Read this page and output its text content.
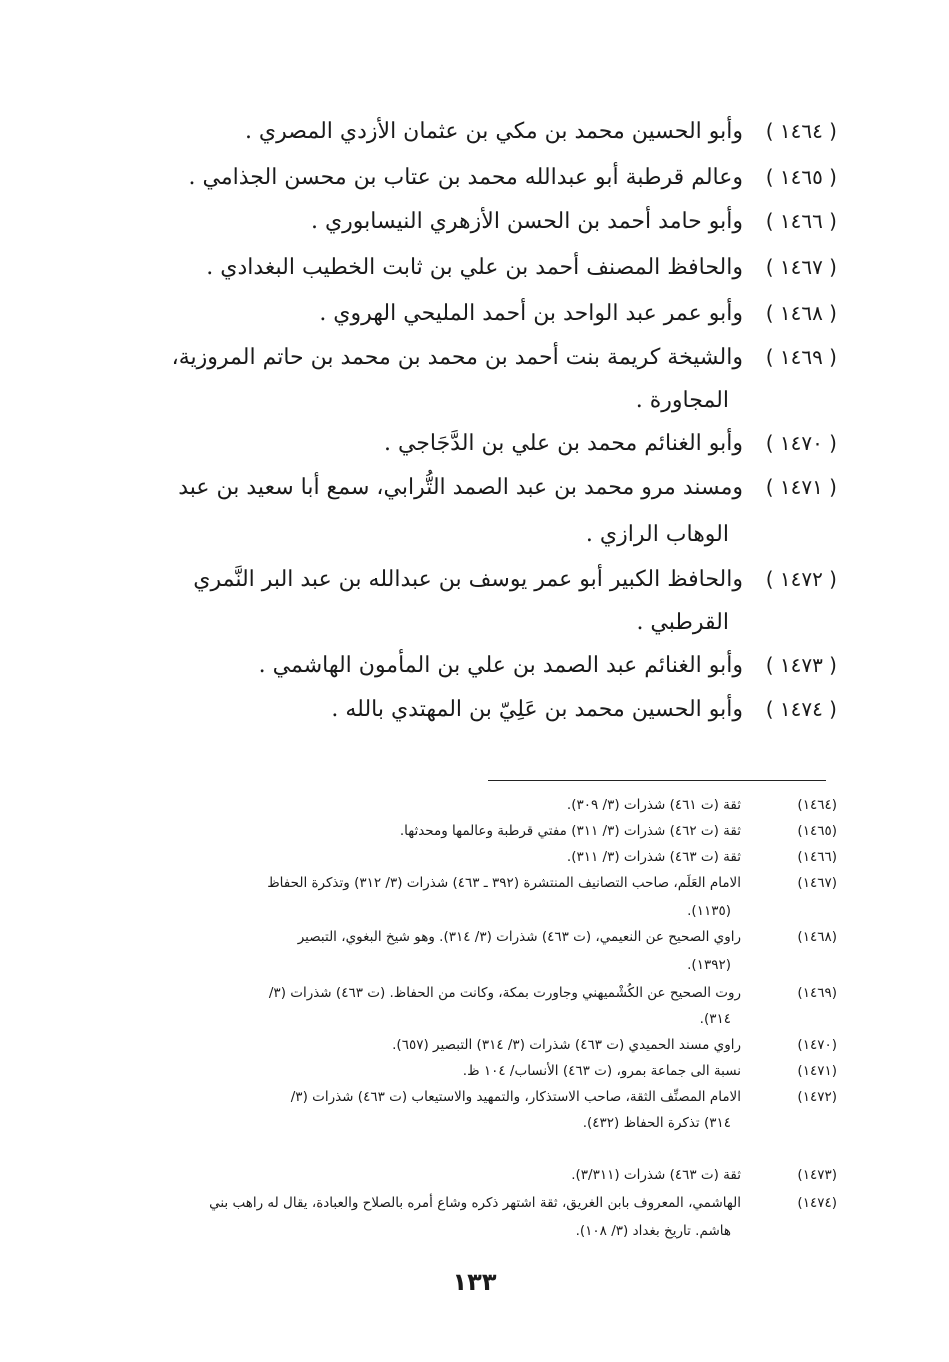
( ١٤٦٤ )وأبو الحسين محمد بن مكي بن عثمان الأزدي المصري .
( ١٤٦٥ )وعالم قرطبة أبو عبدالله محمد بن عتاب بن محسن الجذامي .
( ١٤٦٦ )وأبو حامد أحمد بن الحسن الأزهري النيسابوري .
( ١٤٦٧ )والحافظ المصنف أحمد بن علي بن ثابت الخطيب البغدادي .
( ١٤٦٨ )وأبو عمر عبد الواحد بن أحمد المليحي الهروي .
( ١٤٦٩ )والشيخة كريمة بنت أحمد بن محمد بن محمد بن حاتم المروزية،
المجاورة .
( ١٤٧٠ )وأبو الغنائم محمد بن علي بن الدَّجَاجي .
( ١٤٧١ )ومسند مرو محمد بن عبد الصمد التُّرابي، سمع أبا سعيد بن عبد
الوهاب الرازي .
( ١٤٧٢ )والحافظ الكبير أبو عمر يوسف بن عبدالله بن عبد البر النَّمري
القرطبي .
( ١٤٧٣ )وأبو الغنائم عبد الصمد بن علي بن المأمون الهاشمي .
( ١٤٧٤ )وأبو الحسين محمد بن عَلِيّ بن المهتدي بالله .
(١٤٦٤)ثقة (ت ٤٦١) شذرات (٣/ ٣٠٩).
(١٤٦٥)ثقة (ت ٤٦٢) شذرات (٣/ ٣١١) مفتي قرطبة وعالمها ومحدثها.
(١٤٦٦)ثقة (ت ٤٦٣) شذرات (٣/ ٣١١).
(١٤٦٧)الامام العَلَم، صاحب التصانيف المنتشرة (٣٩٢ ـ ٤٦٣) شذرات (٣/ ٣١٢) وتذكرة الحفاظ
(١١٣٥).
(١٤٦٨)راوي الصحيح عن النعيمي، (ت ٤٦٣) شذرات (٣/ ٣١٤). وهو شيخ البغوي، التبصير
(١٣٩٢).
(١٤٦٩)روت الصحيح عن الكُشْميهني وجاورت بمكة، وكانت من الحفاظ. (ت ٤٦٣) شذرات (٣/
٣١٤).
(١٤٧٠)راوي مسند الحميدي (ت ٤٦٣) شذرات (٣/ ٣١٤) التبصير (٦٥٧).
(١٤٧١)نسبة الى جماعة بمرو، (ت ٤٦٣) الأنساب/ ١٠٤ ظ.
(١٤٧٢)الامام المصنِّف الثقة، صاحب الاستذكار، والتمهيد والاستيعاب (ت ٤٦٣) شذرات (٣/
٣١٤) تذكرة الحفاظ (٤٣٢).
(١٤٧٣)ثقة (ت ٤٦٣) شذرات (٣/٣١١).
(١٤٧٤)الهاشمي، المعروف بابن الغريق، ثقة اشتهر ذكره وشاع أمره بالصلاح والعبادة، يقال له راهب بني
هاشم. تاريخ بغداد (٣/ ١٠٨).
١٣٣
